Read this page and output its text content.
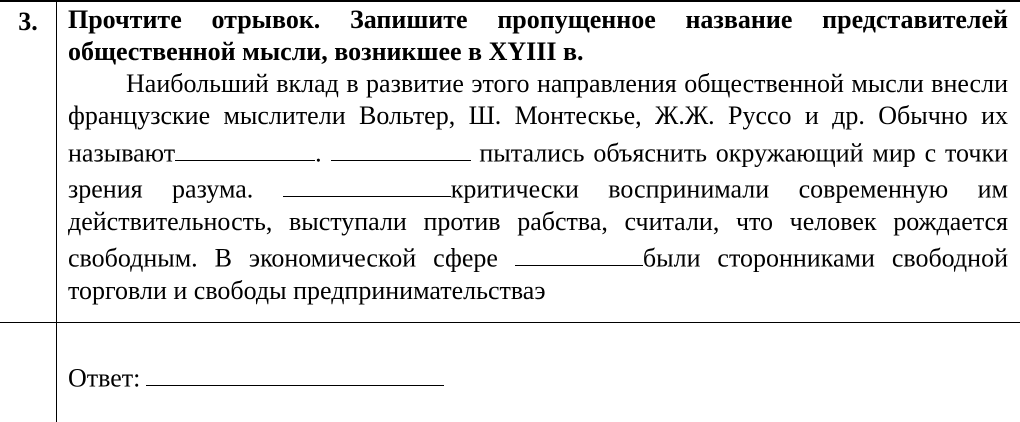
3.	Прочтите отрывок. Запишите пропущенное название представителей общественной мысли, возникшее в XYIII в.

Наибольший вклад в развитие этого направления общественной мысли внесли французские мыслители Вольтер, Ш. Монтескье, Ж.Ж. Руссо и др. Обычно их называют	.	пытались объяснить окружающий мир с точки зрения разума.	критически воспринимали современную им действительность, выступали против рабства, считали, что человек рождается свободным. В экономической сфере	были сторонниками свободной торговли и свободы предпринимательстваэ

Ответ:
